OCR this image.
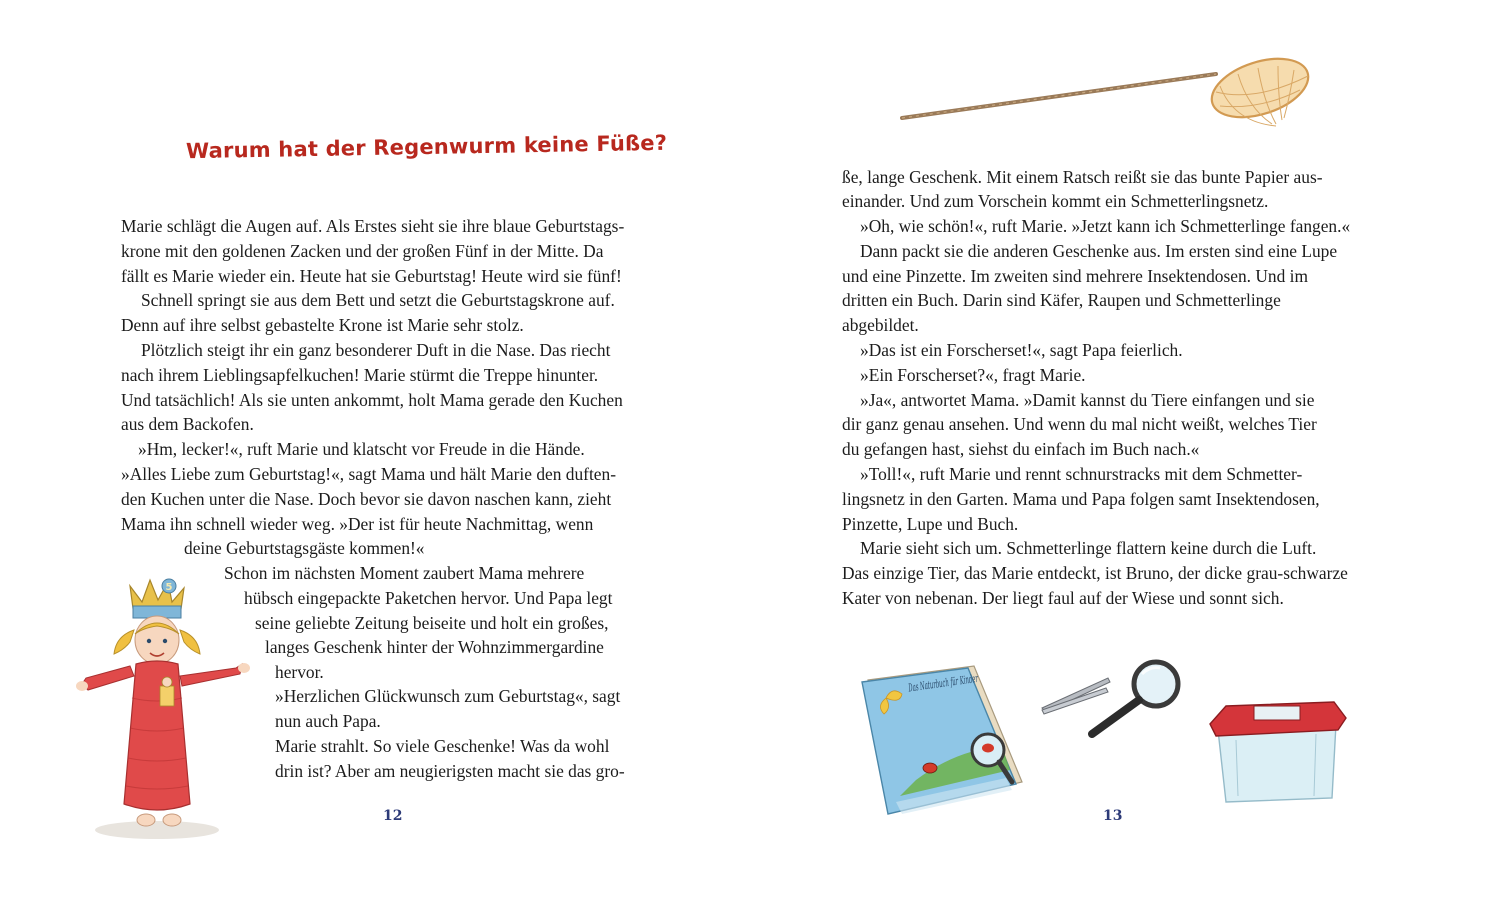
Warum hat der Regenwurm keine Füße?
Marie schlägt die Augen auf. Als Erstes sieht sie ihre blaue Geburtstags-
krone mit den goldenen Zacken und der großen Fünf in der Mitte. Da
fällt es Marie wieder ein. Heute hat sie Geburtstag! Heute wird sie fünf!
Schnell springt sie aus dem Bett und setzt die Geburtstagskrone auf.
Denn auf ihre selbst gebastelte Krone ist Marie sehr stolz.
Plötzlich steigt ihr ein ganz besonderer Duft in die Nase. Das riecht
nach ihrem Lieblingsapfelkuchen! Marie stürmt die Treppe hinunter.
Und tatsächlich! Als sie unten ankommt, holt Mama gerade den Kuchen
aus dem Backofen.
»Hm, lecker!«, ruft Marie und klatscht vor Freude in die Hände.
»Alles Liebe zum Geburtstag!«, sagt Mama und hält Marie den duften-
den Kuchen unter die Nase. Doch bevor sie davon naschen kann, zieht
Mama ihn schnell wieder weg. »Der ist für heute Nachmittag, wenn
deine Geburtstagsgäste kommen!«
Schon im nächsten Moment zaubert Mama mehrere
hübsch eingepackte Paketchen hervor. Und Papa legt
seine geliebte Zeitung beiseite und holt ein großes,
langes Geschenk hinter der Wohnzimmergardine
hervor.
»Herzlichen Glückwunsch zum Geburtstag«, sagt
nun auch Papa.
Marie strahlt. So viele Geschenke! Was da wohl
drin ist? Aber am neugierigsten macht sie das gro-
5
12
ße, lange Geschenk. Mit einem Ratsch reißt sie das bunte Papier aus-
einander. Und zum Vorschein kommt ein Schmetterlingsnetz.
»Oh, wie schön!«, ruft Marie. »Jetzt kann ich Schmetterlinge fangen.«
Dann packt sie die anderen Geschenke aus. Im ersten sind eine Lupe
und eine Pinzette. Im zweiten sind mehrere Insektendosen. Und im
dritten ein Buch. Darin sind Käfer, Raupen und Schmetterlinge
abgebildet.
»Das ist ein Forscherset!«, sagt Papa feierlich.
»Ein Forscherset?«, fragt Marie.
»Ja«, antwortet Mama. »Damit kannst du Tiere einfangen und sie
dir ganz genau ansehen. Und wenn du mal nicht weißt, welches Tier
du gefangen hast, siehst du einfach im Buch nach.«
»Toll!«, ruft Marie und rennt schnurstracks mit dem Schmetter-
lingsnetz in den Garten. Mama und Papa folgen samt Insektendosen,
Pinzette, Lupe und Buch.
Marie sieht sich um. Schmetterlinge flattern keine durch die Luft.
Das einzige Tier, das Marie entdeckt, ist Bruno, der dicke grau-schwarze
Kater von nebenan. Der liegt faul auf der Wiese und sonnt sich.
Das Naturbuch für Kinder
13
